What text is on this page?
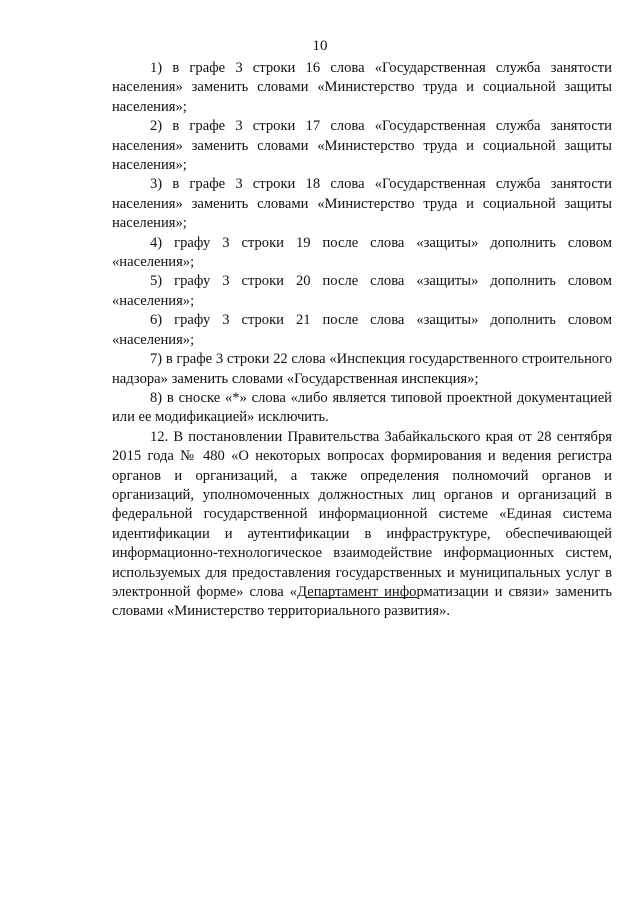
10

1) в графе 3 строки 16 слова «Государственная служба занятости населения» заменить словами «Министерство труда и социальной защиты населения»;

2) в графе 3 строки 17 слова «Государственная служба занятости населения» заменить словами «Министерство труда и социальной защиты населения»;

3) в графе 3 строки 18 слова «Государственная служба занятости населения» заменить словами «Министерство труда и социальной защиты населения»;

4) графу 3 строки 19 после слова «защиты» дополнить словом «населения»;

5) графу 3 строки 20 после слова «защиты» дополнить словом «населения»;

6) графу 3 строки 21 после слова «защиты» дополнить словом «населения»;

7) в графе 3 строки 22 слова «Инспекция государственного строительного надзора» заменить словами «Государственная инспекция»;

8) в сноске «*» слова «либо является типовой проектной документацией или ее модификацией» исключить.

12. В постановлении Правительства Забайкальского края от 28 сентября 2015 года № 480 «О некоторых вопросах формирования и ведения регистра органов и организаций, а также определения полномочий органов и организаций, уполномоченных должностных лиц органов и организаций в федеральной государственной информационной системе «Единая система идентификации и аутентификации в инфраструктуре, обеспечивающей информационно-технологическое взаимодействие информационных систем, используемых для предоставления государственных и муниципальных услуг в электронной форме» слова «Департамент информатизации и связи» заменить словами «Министерство территориального развития».
